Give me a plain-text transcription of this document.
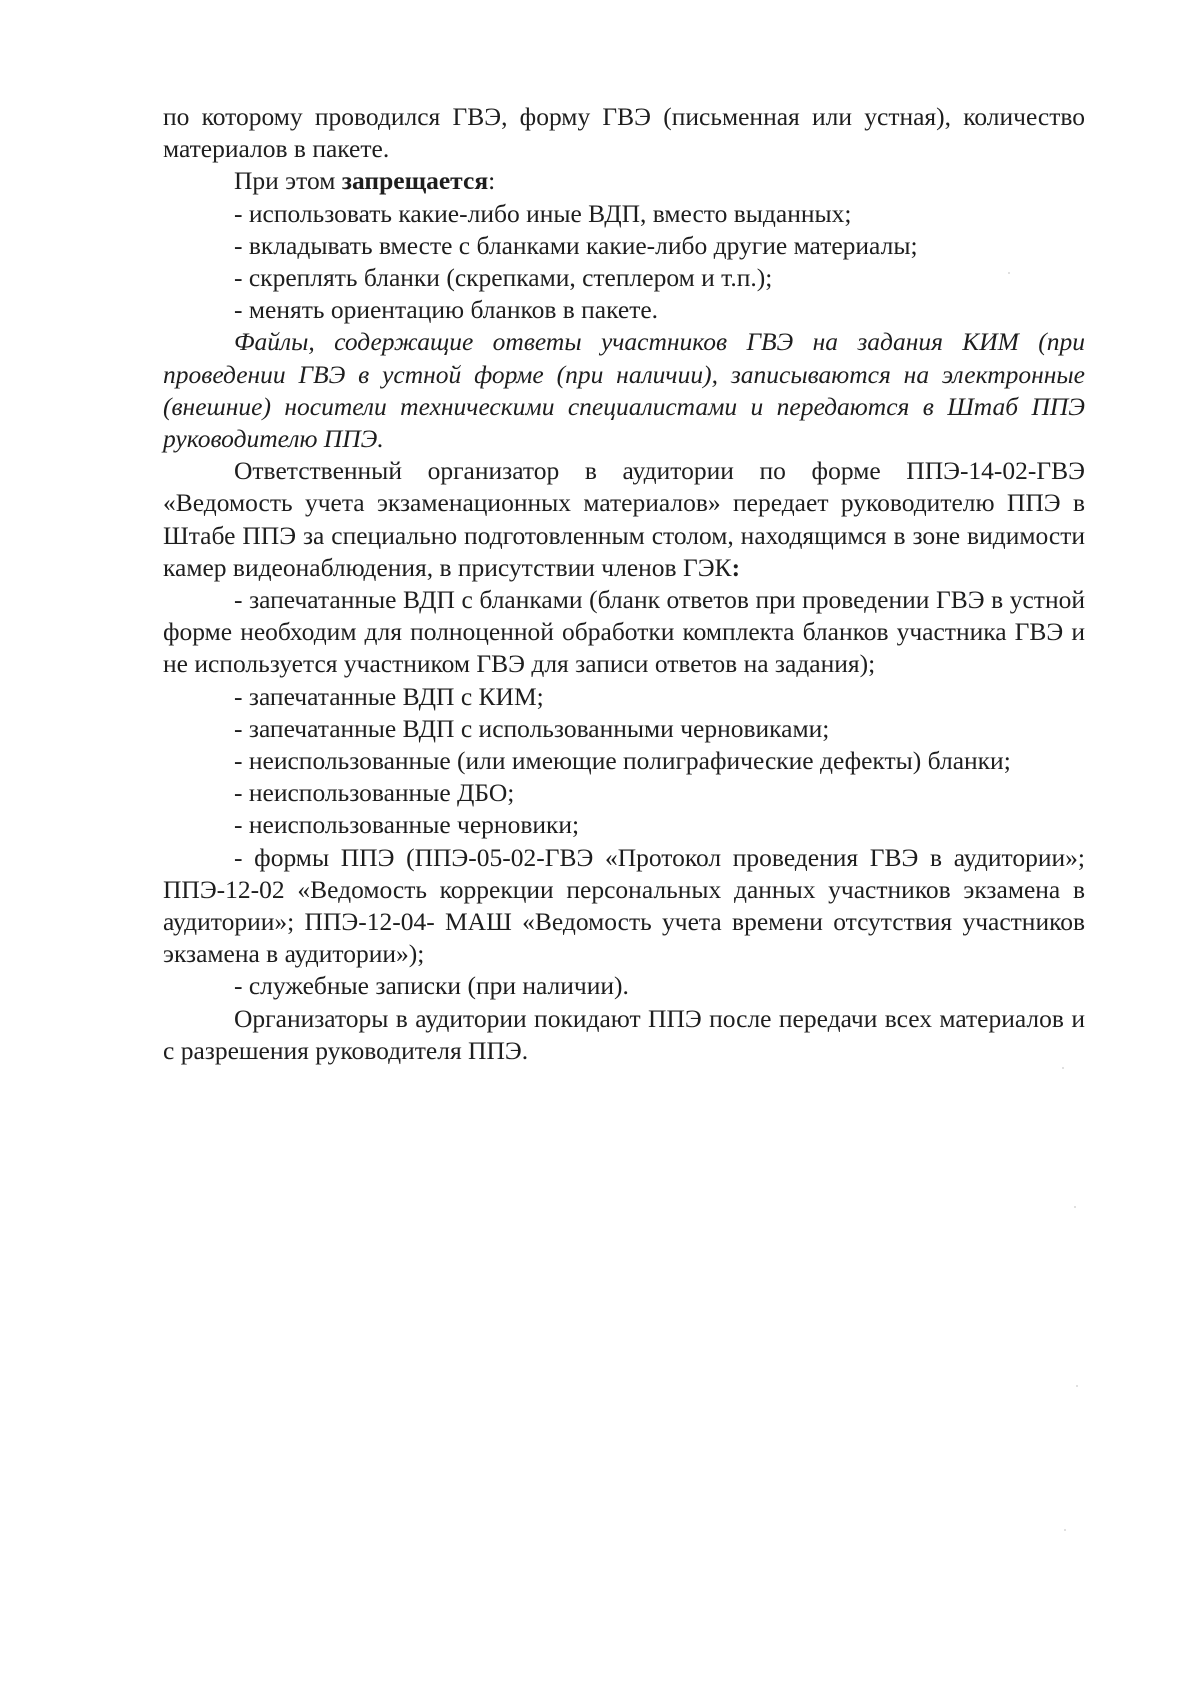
по которому проводился ГВЭ, форму ГВЭ (письменная или устная), количество материалов в пакете.

При этом запрещается:

- использовать какие-либо иные ВДП, вместо выданных;

- вкладывать вместе с бланками какие-либо другие материалы;

- скреплять бланки (скрепками, степлером и т.п.);

- менять ориентацию бланков в пакете.

Файлы, содержащие ответы участников ГВЭ на задания КИМ (при проведении ГВЭ в устной форме (при наличии), записываются на электронные (внешние) носители техническими специалистами и передаются в Штаб ППЭ руководителю ППЭ.

Ответственный организатор в аудитории по форме ППЭ-14-02-ГВЭ «Ведомость учета экзаменационных материалов» передает руководителю ППЭ в Штабе ППЭ за специально подготовленным столом, находящимся в зоне видимости камер видеонаблюдения, в присутствии членов ГЭК:

- запечатанные ВДП с бланками (бланк ответов при проведении ГВЭ в устной форме необходим для полноценной обработки комплекта бланков участника ГВЭ и не используется участником ГВЭ для записи ответов на задания);

- запечатанные ВДП с КИМ;

- запечатанные ВДП с использованными черновиками;

- неиспользованные (или имеющие полиграфические дефекты) бланки;

- неиспользованные ДБО;

- неиспользованные черновики;

- формы ППЭ (ППЭ-05-02-ГВЭ «Протокол проведения ГВЭ в аудитории»; ППЭ-12-02 «Ведомость коррекции персональных данных участников экзамена в аудитории»; ППЭ-12-04- МАШ «Ведомость учета времени отсутствия участников экзамена в аудитории»);

- служебные записки (при наличии).

Организаторы в аудитории покидают ППЭ после передачи всех материалов и с разрешения руководителя ППЭ.
